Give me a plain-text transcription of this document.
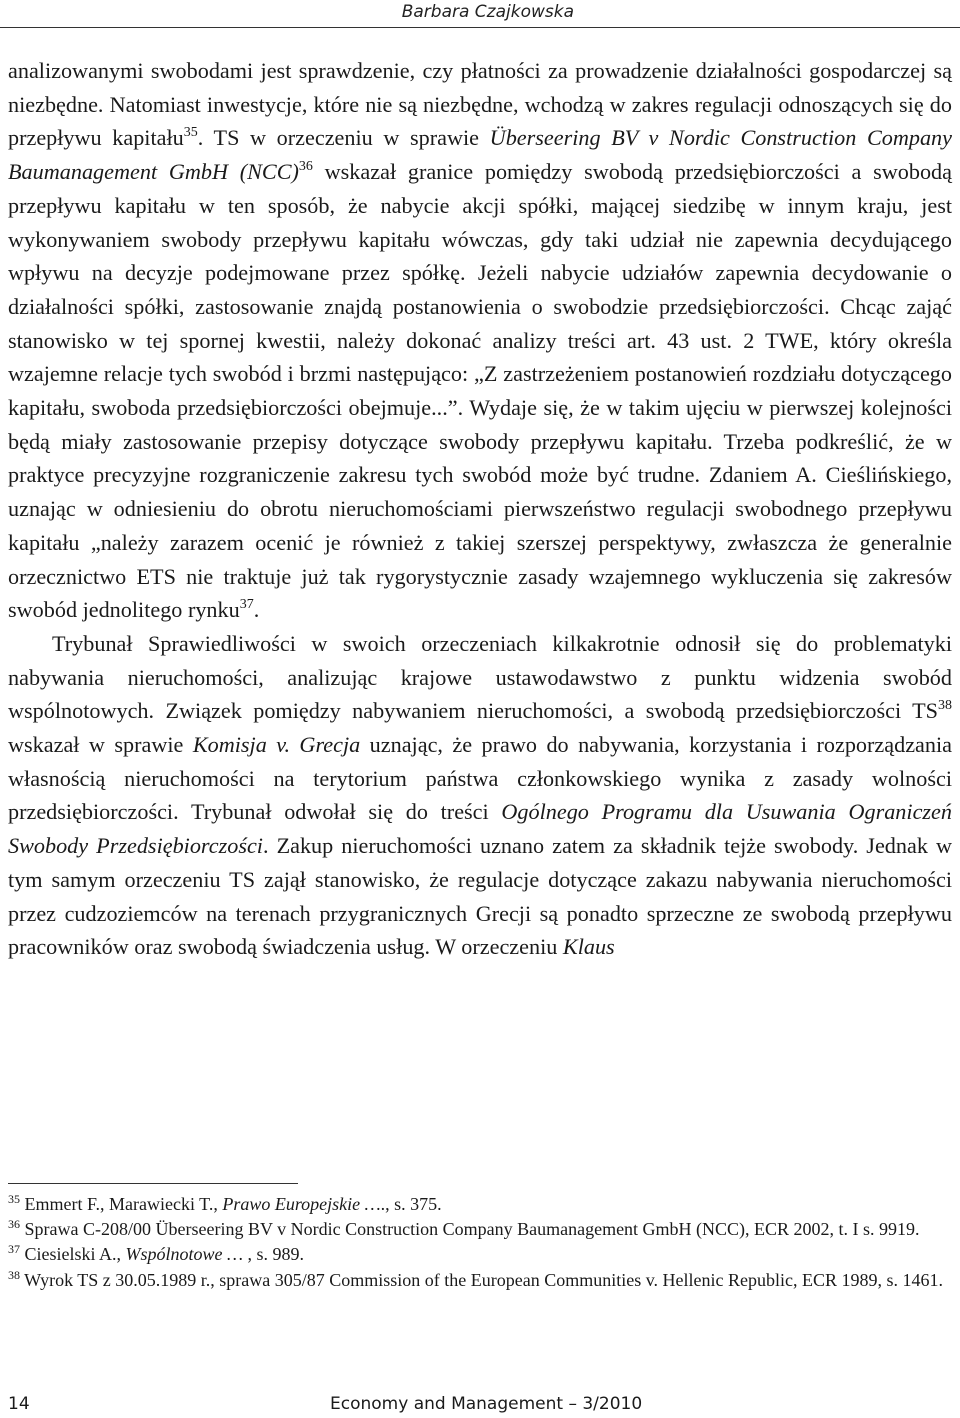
Barbara Czajkowska

analizowanymi swobodami jest sprawdzenie, czy płatności za prowadzenie działalności gospodarczej są niezbędne. Natomiast inwestycje, które nie są niezbędne, wchodzą w zakres regulacji odnoszących się do przepływu kapitału$^{35}$. TS w orzeczeniu w sprawie Überseering BV v Nordic Construction Company Baumanagement GmbH (NCC)$^{36}$ wskazał granice pomiędzy swobodą przedsiębiorczości a swobodą przepływu kapitału w ten sposób, że nabycie akcji spółki, mającej siedzibę w innym kraju, jest wykonywaniem swobody przepływu kapitału wówczas, gdy taki udział nie zapewnia decydującego wpływu na decyzje podejmowane przez spółkę. Jeżeli nabycie udziałów zapewnia decydowanie o działalności spółki, zastosowanie znajdą postanowienia o swobodzie przedsiębiorczości. Chcąc zająć stanowisko w tej spornej kwestii, należy dokonać analizy treści art. 43 ust. 2 TWE, który określa wzajemne relacje tych swobód i brzmi następująco: „Z zastrzeżeniem postanowień rozdziału dotyczącego kapitału, swoboda przedsiębiorczości obejmuje...”. Wydaje się, że w takim ujęciu w pierwszej kolejności będą miały zastosowanie przepisy dotyczące swobody przepływu kapitału. Trzeba podkreślić, że w praktyce precyzyjne rozgraniczenie zakresu tych swobód może być trudne. Zdaniem A. Cieślińskiego, uznając w odniesieniu do obrotu nieruchomościami pierwszeństwo regulacji swobodnego przepływu kapitału „należy zarazem ocenić je również z takiej szerszej perspektywy, zwłaszcza że generalnie orzecznictwo ETS nie traktuje już tak rygorystycznie zasady wzajemnego wykluczenia się zakresów swobód jednolitego rynku$^{37}$.

Trybunał Sprawiedliwości w swoich orzeczeniach kilkakrotnie odnosił się do problematyki nabywania nieruchomości, analizując krajowe ustawodawstwo z punktu widzenia swobód wspólnotowych. Związek pomiędzy nabywaniem nieruchomości, a swobodą przedsiębiorczości TS$^{38}$ wskazał w sprawie Komisja v. Grecja uznając, że prawo do nabywania, korzystania i rozporządzania własnością nieruchomości na terytorium państwa członkowskiego wynika z zasady wolności przedsiębiorczości. Trybunał odwołał się do treści Ogólnego Programu dla Usuwania Ograniczeń Swobody Przedsiębiorczości. Zakup nieruchomości uznano zatem za składnik tejże swobody. Jednak w tym samym orzeczeniu TS zajął stanowisko, że regulacje dotyczące zakazu nabywania nieruchomości przez cudzoziemców na terenach przygranicznych Grecji są ponadto sprzeczne ze swobodą przepływu pracowników oraz swobodą świadczenia usług. W orzeczeniu Klaus

$^{35}$ Emmert F., Marawiecki T., Prawo Europejskie …., s. 375.

$^{36}$ Sprawa C-208/00 Überseering BV v Nordic Construction Company Baumanagement GmbH (NCC), ECR 2002, t. I s. 9919.

$^{37}$ Ciesielski A., Wspólnotowe … , s. 989.

$^{38}$ Wyrok TS z 30.05.1989 r., sprawa 305/87 Commission of the European Communities v. Hellenic Republic, ECR 1989, s. 1461.

14	Economy and Management – 3/2010
